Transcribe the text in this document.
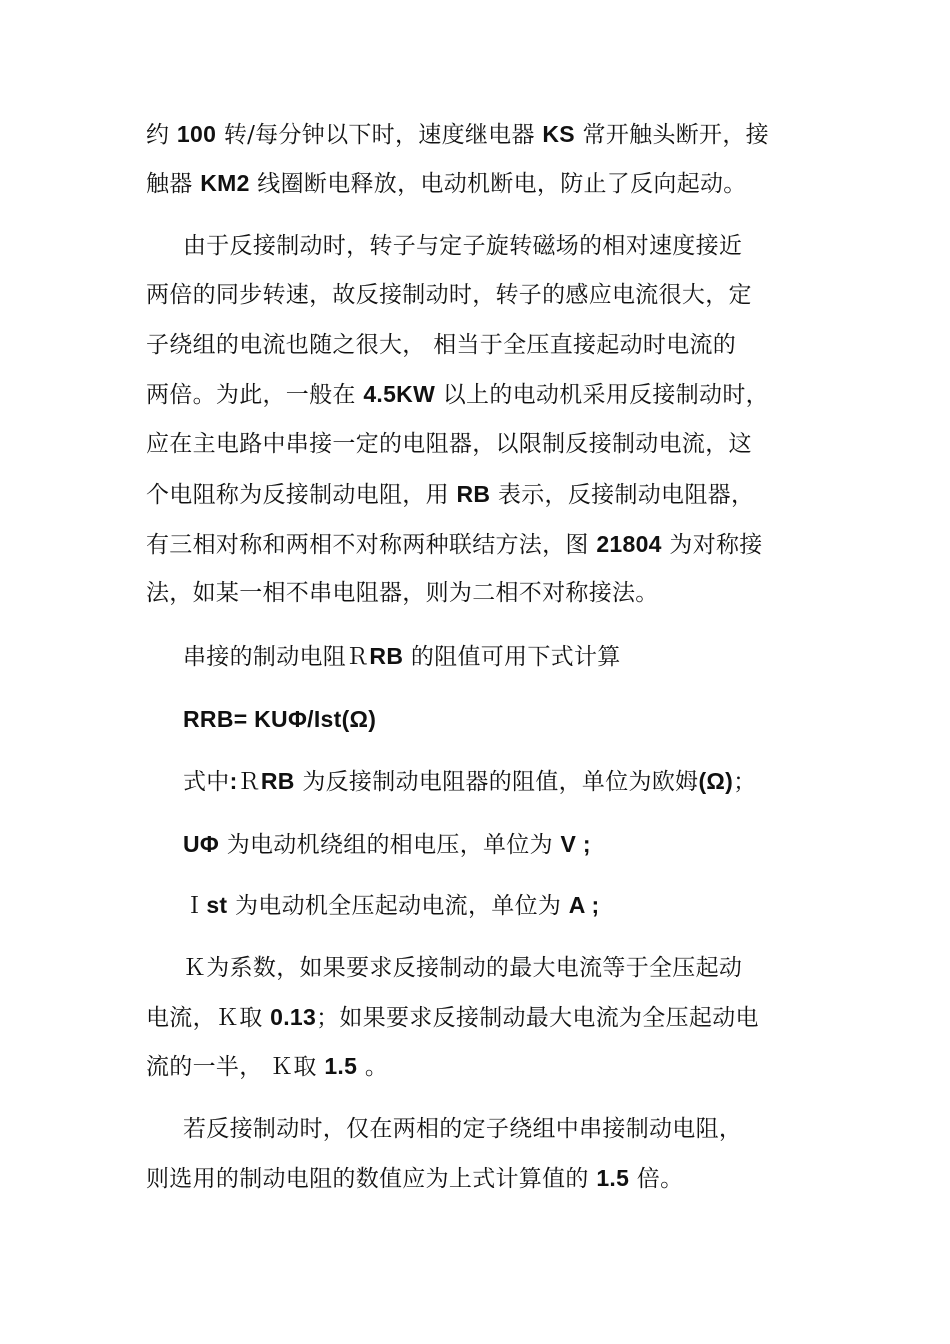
约 100 转/每分钟以下时，速度继电器 KS 常开触头断开，接

触器 KM2 线圈断电释放，电动机断电，防止了反向起动。

由于反接制动时，转子与定子旋转磁场的相对速度接近

两倍的同步转速，故反接制动时，转子的感应电流很大，定

子绕组的电流也随之很大， 相当于全压直接起动时电流的

两倍。为此，一般在 4.5KW 以上的电动机采用反接制动时，

应在主电路中串接一定的电阻器，以限制反接制动电流，这

个电阻称为反接制动电阻，用 RB 表示，反接制动电阻器，

有三相对称和两相不对称两种联结方法，图 21804 为对称接

法，如某一相不串电阻器，则为二相不对称接法。

串接的制动电阻ＲRB 的阻值可用下式计算

RRB= KUΦ/Ist(Ω)

式中:ＲRB 为反接制动电阻器的阻值，单位为欧姆(Ω)；

UΦ 为电动机绕组的相电压，单位为 V ;

Ｉst 为电动机全压起动电流，单位为 A ;

Ｋ为系数，如果要求反接制动的最大电流等于全压起动

电流，Ｋ取 0.13；如果要求反接制动最大电流为全压起动电

流的一半， Ｋ取 1.5 。

若反接制动时，仅在两相的定子绕组中串接制动电阻，

则选用的制动电阻的数值应为上式计算值的 1.5 倍。
